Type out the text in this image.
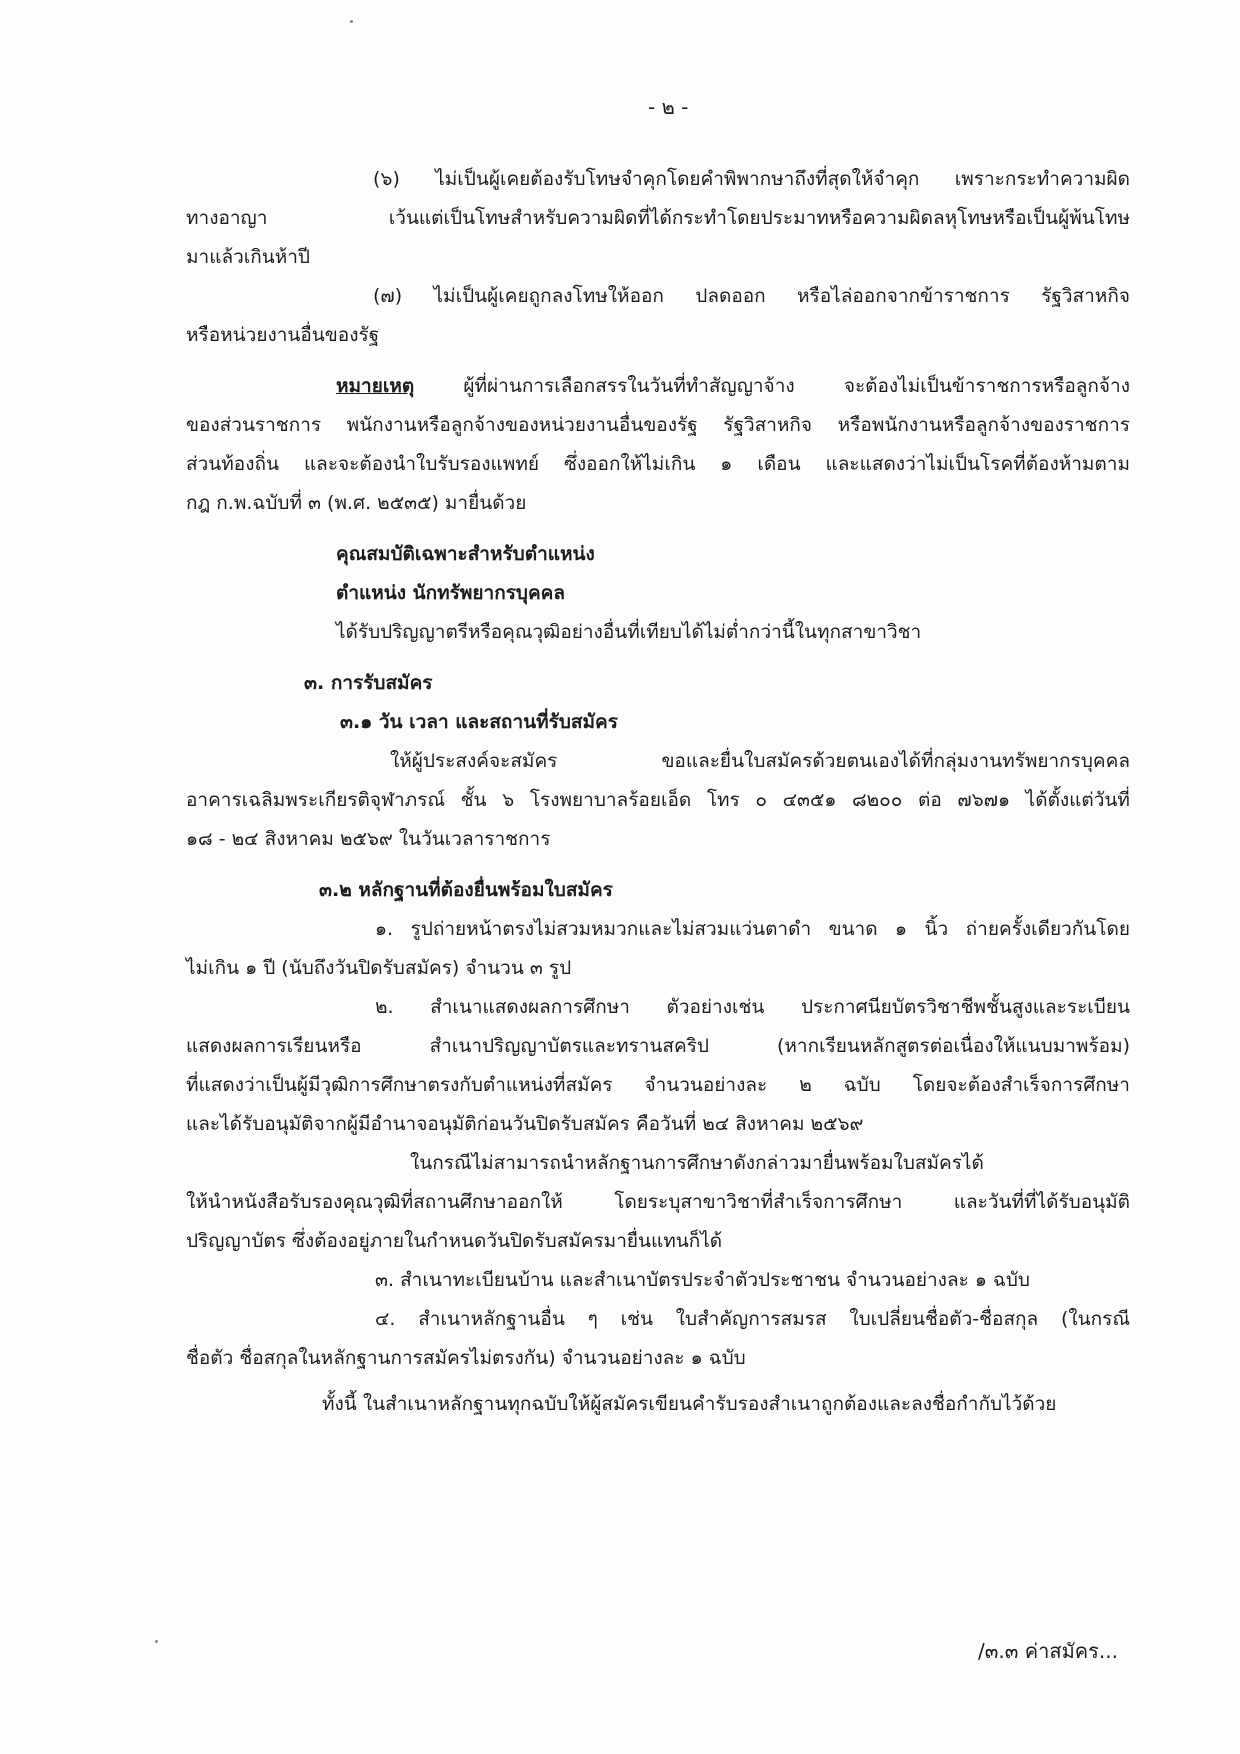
- ๒ -

(๖) ไม่เป็นผู้เคยต้องรับโทษจำคุกโดยคำพิพากษาถึงที่สุดให้จำคุก เพราะกระทำความผิด

ทางอาญา	เว้นแต่เป็นโทษสำหรับความผิดที่ได้กระทำโดยประมาทหรือความผิดลหุโทษหรือเป็นผู้พ้นโทษ

มาแล้วเกินห้าปี

(๗) ไม่เป็นผู้เคยถูกลงโทษให้ออก ปลดออก หรือไล่ออกจากข้าราชการ รัฐวิสาหกิจ

หรือหน่วยงานอื่นของรัฐ

หมายเหตุ	ผู้ที่ผ่านการเลือกสรรในวันที่ทำสัญญาจ้าง	จะต้องไม่เป็นข้าราชการหรือลูกจ้าง

ของส่วนราชการ พนักงานหรือลูกจ้างของหน่วยงานอื่นของรัฐ รัฐวิสาหกิจ หรือพนักงานหรือลูกจ้างของราชการ

ส่วนท้องถิ่น และจะต้องนำใบรับรองแพทย์ ซึ่งออกให้ไม่เกิน ๑ เดือน และแสดงว่าไม่เป็นโรคที่ต้องห้ามตาม

กฎ ก.พ.ฉบับที่ ๓ (พ.ศ. ๒๕๓๕) มายื่นด้วย

คุณสมบัติเฉพาะสำหรับตำแหน่ง

ตำแหน่ง นักทรัพยากรบุคคล

ได้รับปริญญาตรีหรือคุณวุฒิอย่างอื่นที่เทียบได้ไม่ต่ำกว่านี้ในทุกสาขาวิชา

๓. การรับสมัคร

๓.๑ วัน เวลา และสถานที่รับสมัคร

ให้ผู้ประสงค์จะสมัคร	ขอและยื่นใบสมัครด้วยตนเองได้ที่กลุ่มงานทรัพยากรบุคคล

อาคารเฉลิมพระเกียรติจุฬาภรณ์ ชั้น ๖ โรงพยาบาลร้อยเอ็ด โทร ๐ ๔๓๕๑ ๘๒๐๐ ต่อ ๗๖๗๑ ได้ตั้งแต่วันที่

๑๘ - ๒๔ สิงหาคม ๒๕๖๙ ในวันเวลาราชการ

๓.๒ หลักฐานที่ต้องยื่นพร้อมใบสมัคร

๑. รูปถ่ายหน้าตรงไม่สวมหมวกและไม่สวมแว่นตาดำ ขนาด ๑ นิ้ว ถ่ายครั้งเดียวกันโดย

ไม่เกิน ๑ ปี (นับถึงวันปิดรับสมัคร) จำนวน ๓ รูป

๒. สำเนาแสดงผลการศึกษา ตัวอย่างเช่น ประกาศนียบัตรวิชาชีพชั้นสูงและระเบียน

แสดงผลการเรียนหรือ	สำเนาปริญญาบัตรและทรานสคริป	(หากเรียนหลักสูตรต่อเนื่องให้แนบมาพร้อม)

ที่แสดงว่าเป็นผู้มีวุฒิการศึกษาตรงกับตำแหน่งที่สมัคร จำนวนอย่างละ ๒ ฉบับ โดยจะต้องสำเร็จการศึกษา

และได้รับอนุมัติจากผู้มีอำนาจอนุมัติก่อนวันปิดรับสมัคร คือวันที่ ๒๔ สิงหาคม ๒๕๖๙

ในกรณีไม่สามารถนำหลักฐานการศึกษาดังกล่าวมายื่นพร้อมใบสมัครได้

ให้นำหนังสือรับรองคุณวุฒิที่สถานศึกษาออกให้	โดยระบุสาขาวิชาที่สำเร็จการศึกษา	และวันที่ที่ได้รับอนุมัติ

ปริญญาบัตร ซึ่งต้องอยู่ภายในกำหนดวันปิดรับสมัครมายื่นแทนก็ได้

๓. สำเนาทะเบียนบ้าน และสำเนาบัตรประจำตัวประชาชน จำนวนอย่างละ ๑ ฉบับ

๔. สำเนาหลักฐานอื่น ๆ เช่น ใบสำคัญการสมรส ใบเปลี่ยนชื่อตัว-ชื่อสกุล (ในกรณี

ชื่อตัว ชื่อสกุลในหลักฐานการสมัครไม่ตรงกัน) จำนวนอย่างละ ๑ ฉบับ

ทั้งนี้ ในสำเนาหลักฐานทุกฉบับให้ผู้สมัครเขียนคำรับรองสำเนาถูกต้องและลงชื่อกำกับไว้ด้วย

/๓.๓ ค่าสมัคร...
